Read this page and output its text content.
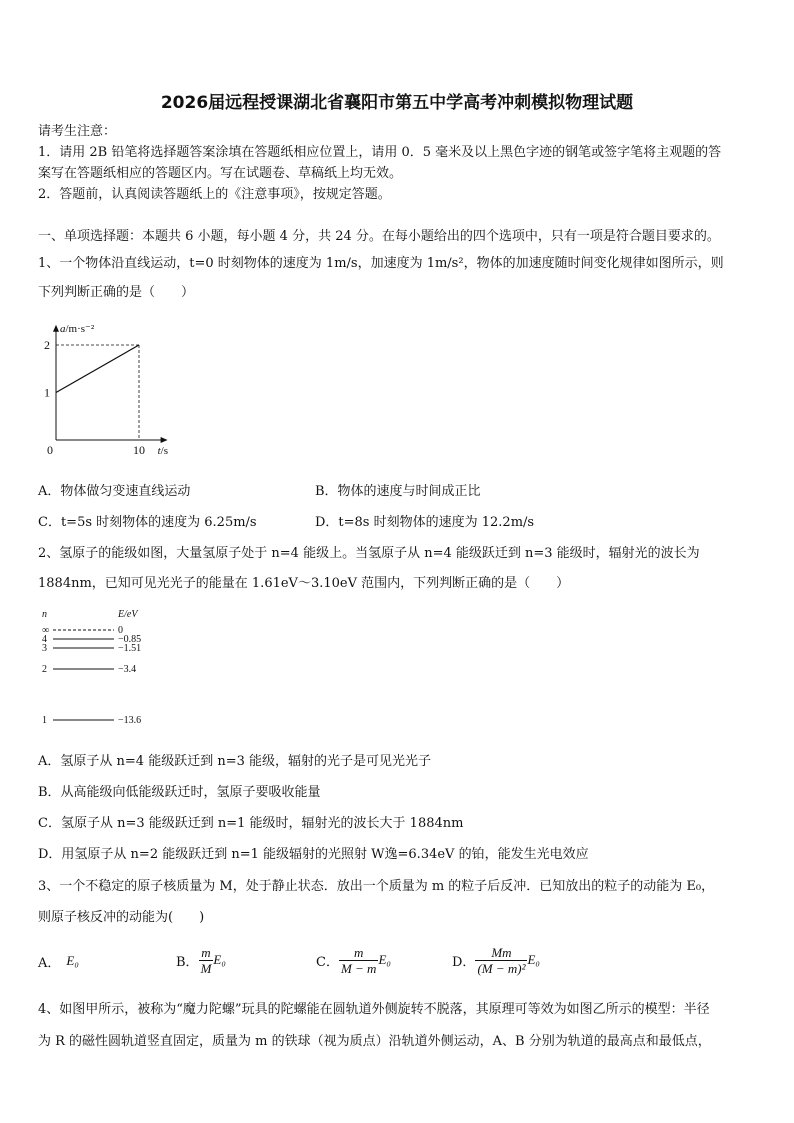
2026届远程授课湖北省襄阳市第五中学高考冲刺模拟物理试题
请考生注意：
1．请用 2B 铅笔将选择题答案涂填在答题纸相应位置上，请用 0．5 毫米及以上黑色字迹的钢笔或签字笔将主观题的答
案写在答题纸相应的答题区内。写在试题卷、草稿纸上均无效。
2．答题前，认真阅读答题纸上的《注意事项》，按规定答题。
一、单项选择题：本题共 6 小题，每小题 4 分，共 24 分。在每小题给出的四个选项中，只有一项是符合题目要求的。
1、一个物体沿直线运动，t=0 时刻物体的速度为 1m/s，加速度为 1m/s²，物体的加速度随时间变化规律如图所示，则
下列判断正确的是（　　）
2
1
10
0
a/m·s⁻²
t/s
A．物体做匀变速直线运动	B．物体的速度与时间成正比
C．t=5s 时刻物体的速度为 6.25m/s	D．t=8s 时刻物体的速度为 12.2m/s
2、氢原子的能级如图，大量氢原子处于 n=4 能级上。当氢原子从 n=4 能级跃迁到 n=3 能级时，辐射光的波长为
1884nm，已知可见光光子的能量在 1.61eV～3.10eV 范围内，下列判断正确的是（　　）
n	E/eV
∞	0
4	−0.85
3	−1.51
2	−3.4
1	−13.6
A．氢原子从 n=4 能级跃迁到 n=3 能级，辐射的光子是可见光光子
B．从高能级向低能级跃迁时，氢原子要吸收能量
C．氢原子从 n=3 能级跃迁到 n=1 能级时，辐射光的波长大于 1884nm
D．用氢原子从 n=2 能级跃迁到 n=1 能级辐射的光照射 W逸=6.34eV 的铂，能发生光电效应
3、一个不稳定的原子核质量为 M，处于静止状态．放出一个质量为 m 的粒子后反冲．已知放出的粒子的动能为 E₀，
则原子核反冲的动能为(　　)
A． E₀	B． $\frac{m}{M} E_0$	C． $\frac{m}{M - m} E_0$	D． $\frac{Mm}{\text{(M − m)²}} E_0$
4、如图甲所示，被称为“魔力陀螺”玩具的陀螺能在圆轨道外侧旋转不脱落，其原理可等效为如图乙所示的模型：半径
为 R 的磁性圆轨道竖直固定，质量为 m 的铁球（视为质点）沿轨道外侧运动，A、B 分别为轨道的最高点和最低点，
